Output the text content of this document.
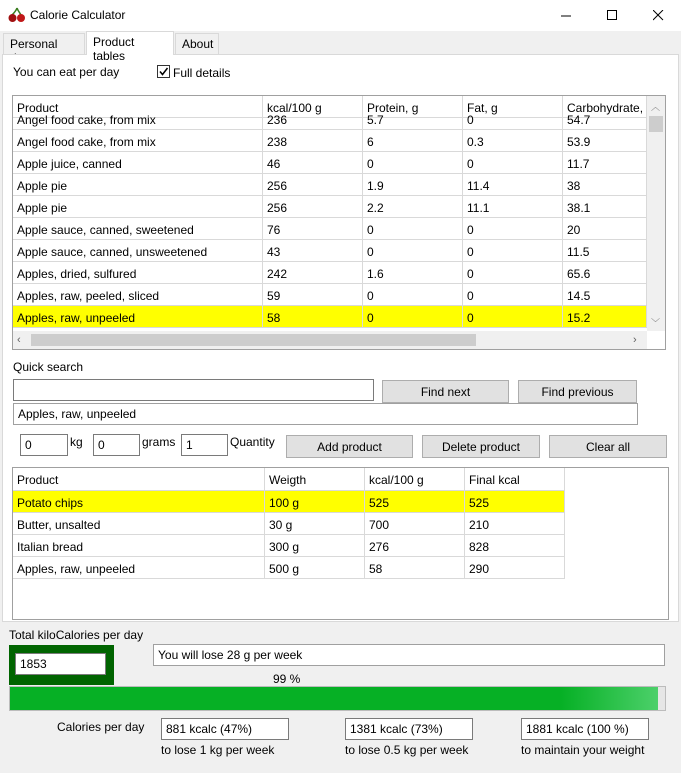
Calorie Calculator
Personal	Product tables
About
You can eat per day	Full details
Product	kcal/100 g	Protein, g	Fat, g	Carbohydrate,
Angel food cake, from mix	236	5.7	0	54.7
Angel food cake, from mix	238	6	0.3	53.9
Apple juice, canned	46	0	0	11.7
Apple pie	256	1.9	11.4	38
Apple pie	256	2.2	11.1	38.1
Apple sauce, canned, sweetened	76	0	0	20
Apple sauce, canned, unsweetened	43	0	0	11.5
Apples, dried, sulfured	242	1.6	0	65.6
Apples, raw, peeled, sliced	59	0	0	14.5
Apples, raw, unpeeled	58	0	0	15.2
︿
﹀
‹	›
Quick search
Find next	Find previous
Apples, raw, unpeeled
0	kg	0	grams 1	Quantity	Add product	Delete product	Clear all
Product	Weigth	kcal/100 g	Final kcal
Potato chips	100 g	525	525
Butter, unsalted	30 g	700	210
Italian bread	300 g	276	828
Apples, raw, unpeeled	500 g	58	290
Total kiloCalories per day
1853
You will lose 28 g per week
99 %
Calories per day	881 kcalc (47%)
to lose 1 kg per week
1381 kcalc (73%)
to lose 0.5 kg per week
1881 kcalc (100 %)
to maintain your weight
